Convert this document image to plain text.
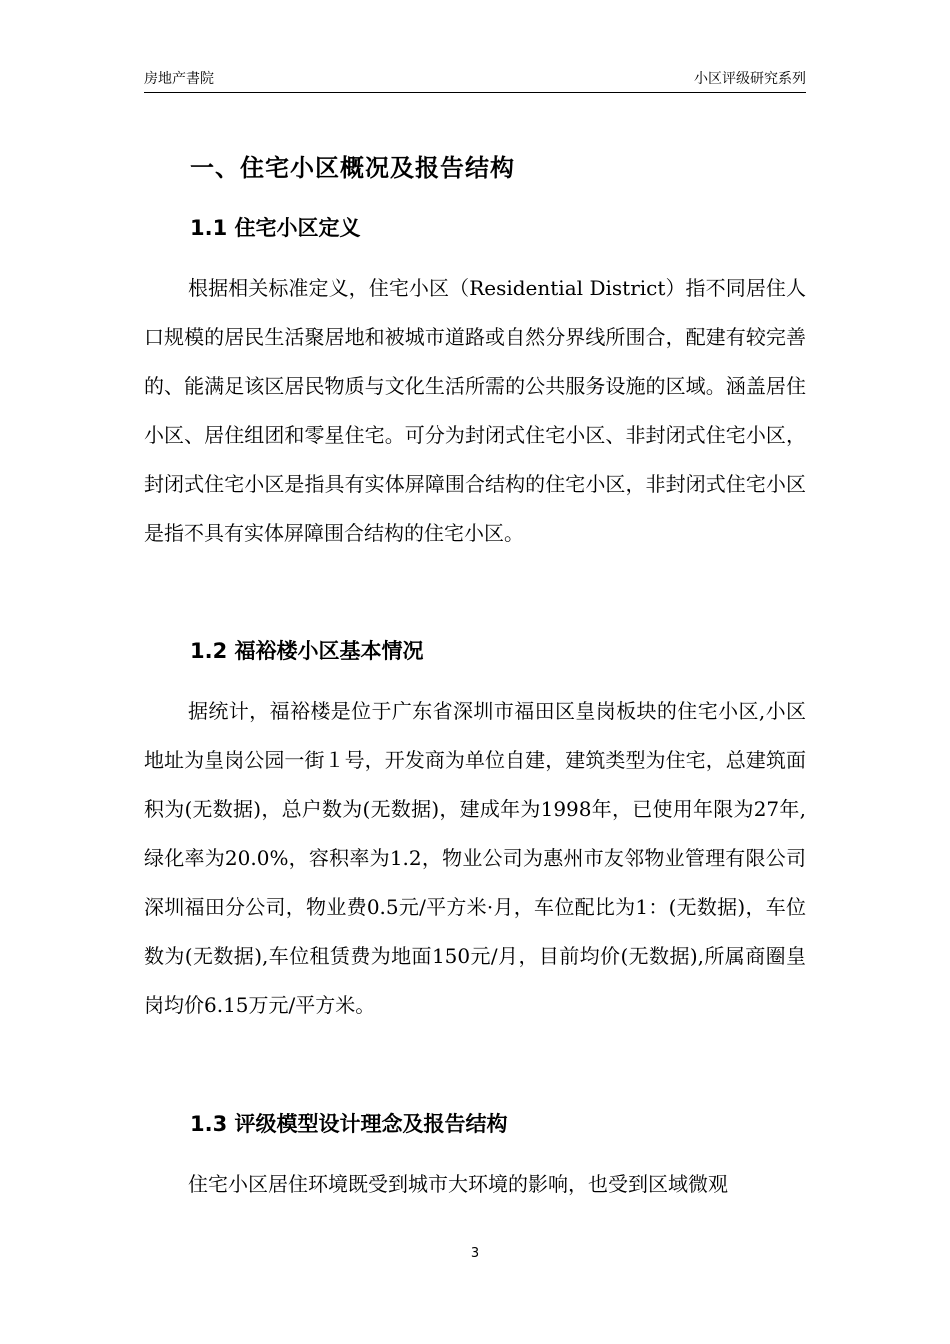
房地产書院	小区评级研究系列
一、住宅小区概况及报告结构
1.1 住宅小区定义

根据相关标准定义，住宅小区（Residential District）指不同居住人口规模的居民生活聚居地和被城市道路或自然分界线所围合，配建有较完善的、能满足该区居民物质与文化生活所需的公共服务设施的区域。涵盖居住小区、居住组团和零星住宅。可分为封闭式住宅小区、非封闭式住宅小区，封闭式住宅小区是指具有实体屏障围合结构的住宅小区，非封闭式住宅小区是指不具有实体屏障围合结构的住宅小区。

1.2 福裕楼小区基本情况

据统计，福裕楼是位于广东省深圳市福田区皇岗板块的住宅小区,小区地址为皇岗公园一街１号，开发商为单位自建，建筑类型为住宅，总建筑面积为(无数据)，总户数为(无数据)，建成年为1998年，已使用年限为27年,绿化率为20.0%，容积率为1.2，物业公司为惠州市友邻物业管理有限公司深圳福田分公司，物业费0.5元/平方米·月，车位配比为1：(无数据)，车位数为(无数据),车位租赁费为地面150元/月，目前均价(无数据),所属商圈皇岗均价6.15万元/平方米。

1.3 评级模型设计理念及报告结构

住宅小区居住环境既受到城市大环境的影响，也受到区域微观

3
